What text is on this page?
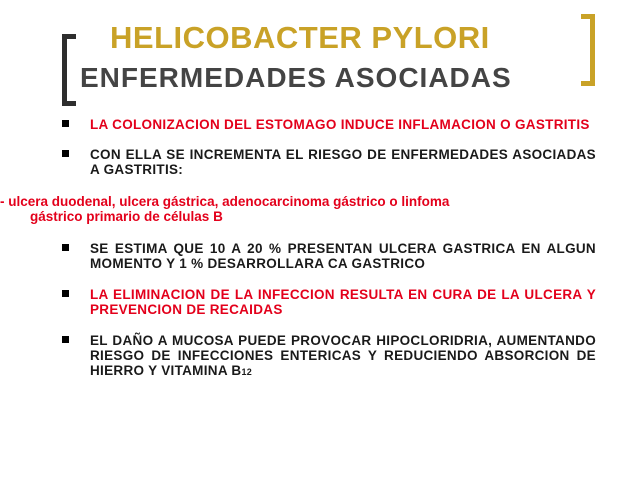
HELICOBACTER PYLORI
ENFERMEDADES ASOCIADAS
LA COLONIZACION DEL ESTOMAGO INDUCE INFLAMACION O GASTRITIS
CON ELLA SE INCREMENTA EL RIESGO DE ENFERMEDADES ASOCIADAS A GASTRITIS:
- ulcera duodenal, ulcera gástrica, adenocarcinoma gástrico o linfoma
gástrico primario de células B
SE ESTIMA QUE 10 A 20 % PRESENTAN ULCERA GASTRICA EN ALGUN MOMENTO Y 1 % DESARROLLARA CA GASTRICO
LA ELIMINACION DE LA INFECCION RESULTA EN CURA DE LA ULCERA Y PREVENCION DE RECAIDAS
EL DAÑO A MUCOSA PUEDE PROVOCAR HIPOCLORIDRIA, AUMENTANDO RIESGO DE INFECCIONES ENTERICAS Y REDUCIENDO ABSORCION DE HIERRO Y VITAMINA B12
